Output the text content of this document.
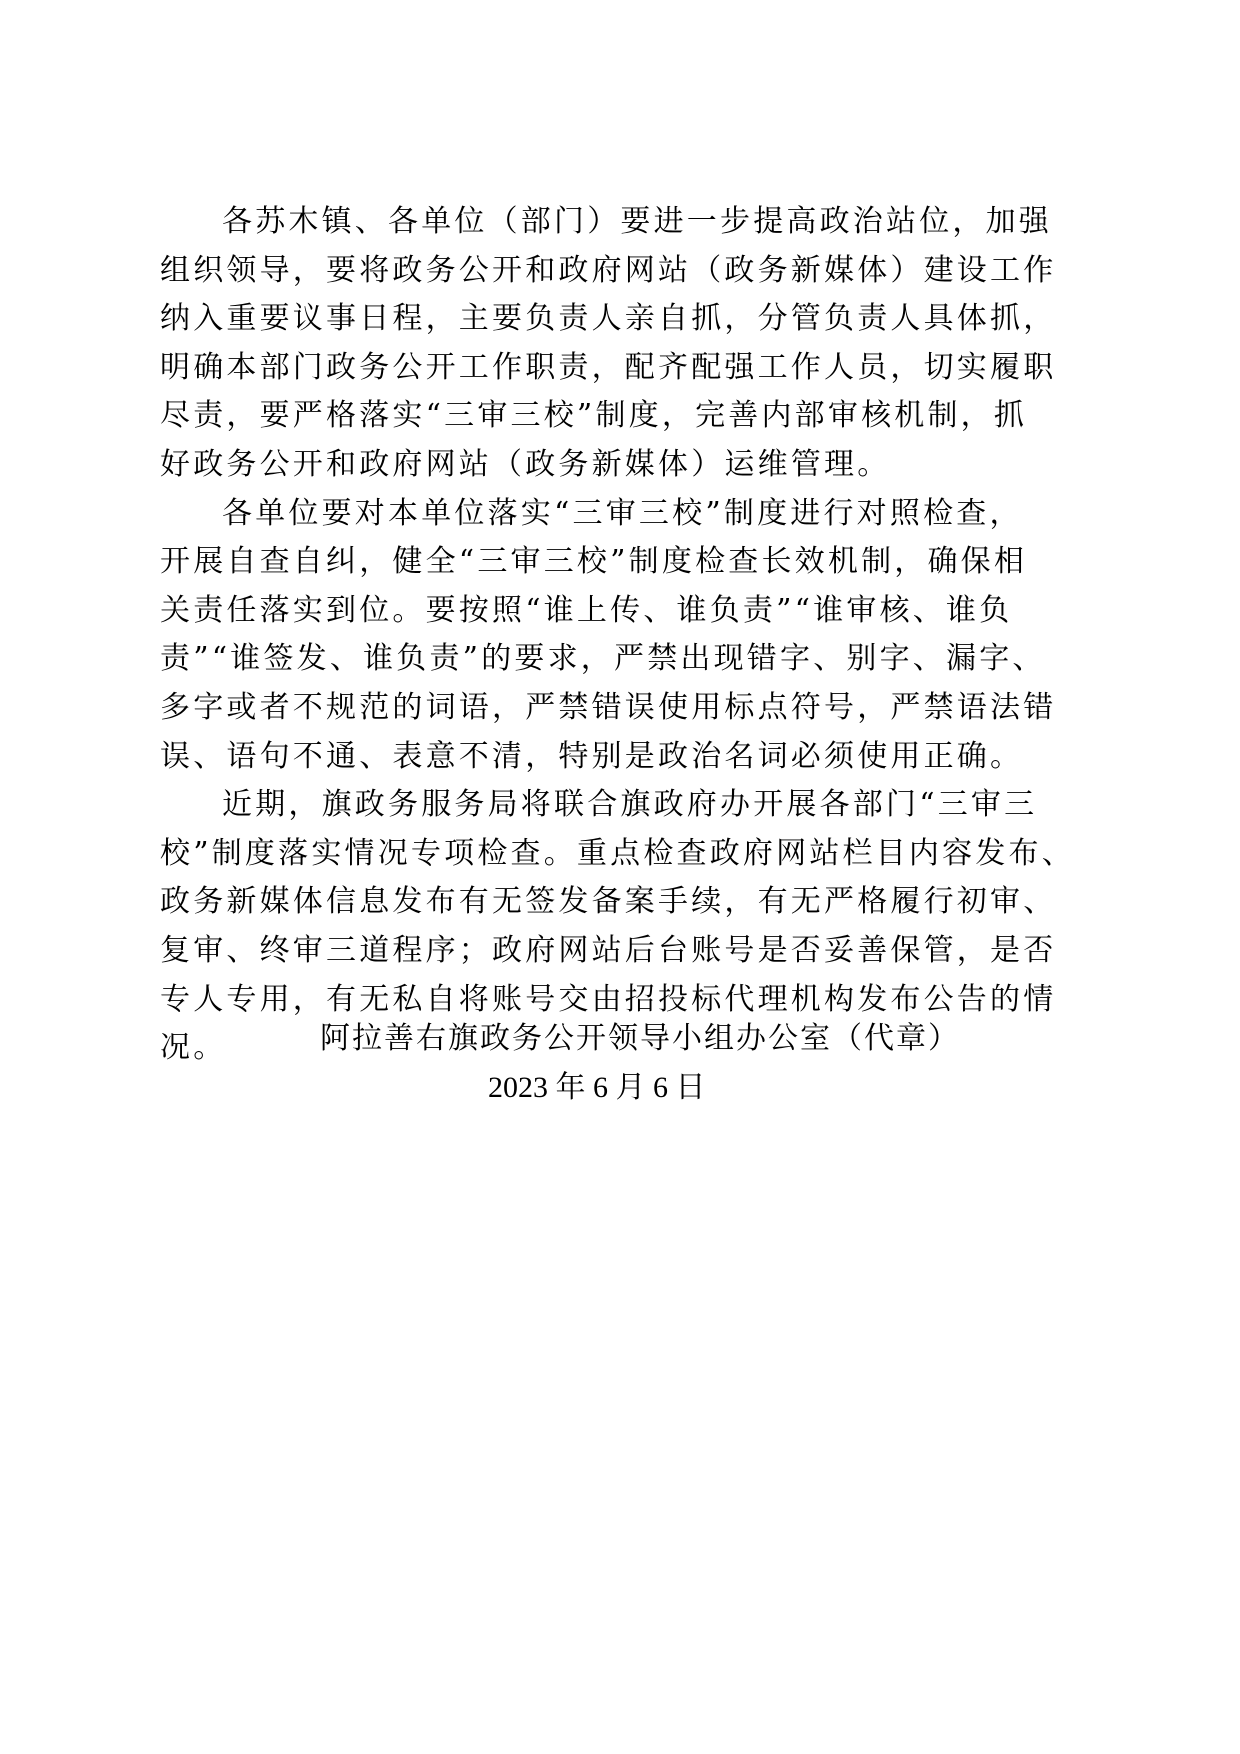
各苏木镇、各单位（部门）要进一步提高政治站位，加强
组织领导，要将政务公开和政府网站（政务新媒体）建设工作
纳入重要议事日程，主要负责人亲自抓，分管负责人具体抓，
明确本部门政务公开工作职责，配齐配强工作人员，切实履职
尽责，要严格落实“三审三校”制度，完善内部审核机制，抓
好政务公开和政府网站（政务新媒体）运维管理。
各单位要对本单位落实“三审三校”制度进行对照检查，
开展自查自纠，健全“三审三校”制度检查长效机制，确保相
关责任落实到位。要按照“谁上传、谁负责”“谁审核、谁负
责”“谁签发、谁负责”的要求，严禁出现错字、别字、漏字、
多字或者不规范的词语，严禁错误使用标点符号，严禁语法错
误、语句不通、表意不清，特别是政治名词必须使用正确。
近期，旗政务服务局将联合旗政府办开展各部门“三审三
校”制度落实情况专项检查。重点检查政府网站栏目内容发布、
政务新媒体信息发布有无签发备案手续，有无严格履行初审、
复审、终审三道程序；政府网站后台账号是否妥善保管，是否
专人专用，有无私自将账号交由招投标代理机构发布公告的情
况。	阿拉善右旗政务公开领导小组办公室（代章）
2023 年 6 月 6 日
